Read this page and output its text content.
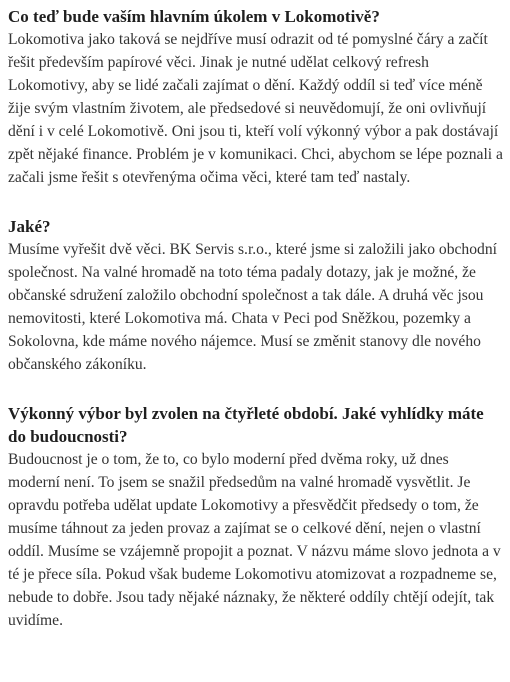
Co teď bude vaším hlavním úkolem v Lokomotivě?

Lokomotiva jako taková se nejdříve musí odrazit od té pomyslné čáry a začít řešit především papírové věci. Jinak je nutné udělat celkový refresh Lokomotivy, aby se lidé začali zajímat o dění. Každý oddíl si teď více méně žije svým vlastním životem, ale předsedové si neuvědomují, že oni ovlivňují dění i v celé Lokomotivě. Oni jsou ti, kteří volí výkonný výbor a pak dostávají zpět nějaké finance. Problém je v komunikaci. Chci, abychom se lépe poznali a začali jsme řešit s otevřenýma očima věci, které tam teď nastaly.

Jaké?

Musíme vyřešit dvě věci. BK Servis s.r.o., které jsme si založili jako obchodní společnost. Na valné hromadě na toto téma padaly dotazy, jak je možné, že občanské sdružení založilo obchodní společnost a tak dále. A druhá věc jsou nemovitosti, které Lokomotiva má. Chata v Peci pod Sněžkou, pozemky a Sokolovna, kde máme nového nájemce. Musí se změnit stanovy dle nového občanského zákoníku.

Výkonný výbor byl zvolen na čtyřleté období. Jaké vyhlídky máte do budoucnosti?

Budoucnost je o tom, že to, co bylo moderní před dvěma roky, už dnes moderní není. To jsem se snažil předsedům na valné hromadě vysvětlit. Je opravdu potřeba udělat update Lokomotivy a přesvědčit předsedy o tom, že musíme táhnout za jeden provaz a zajímat se o celkové dění, nejen o vlastní oddíl. Musíme se vzájemně propojit a poznat. V názvu máme slovo jednota a v té je přece síla. Pokud však budeme Lokomotivu atomizovat a rozpadneme se, nebude to dobře. Jsou tady nějaké náznaky, že některé oddíly chtějí odejít, tak uvidíme.
